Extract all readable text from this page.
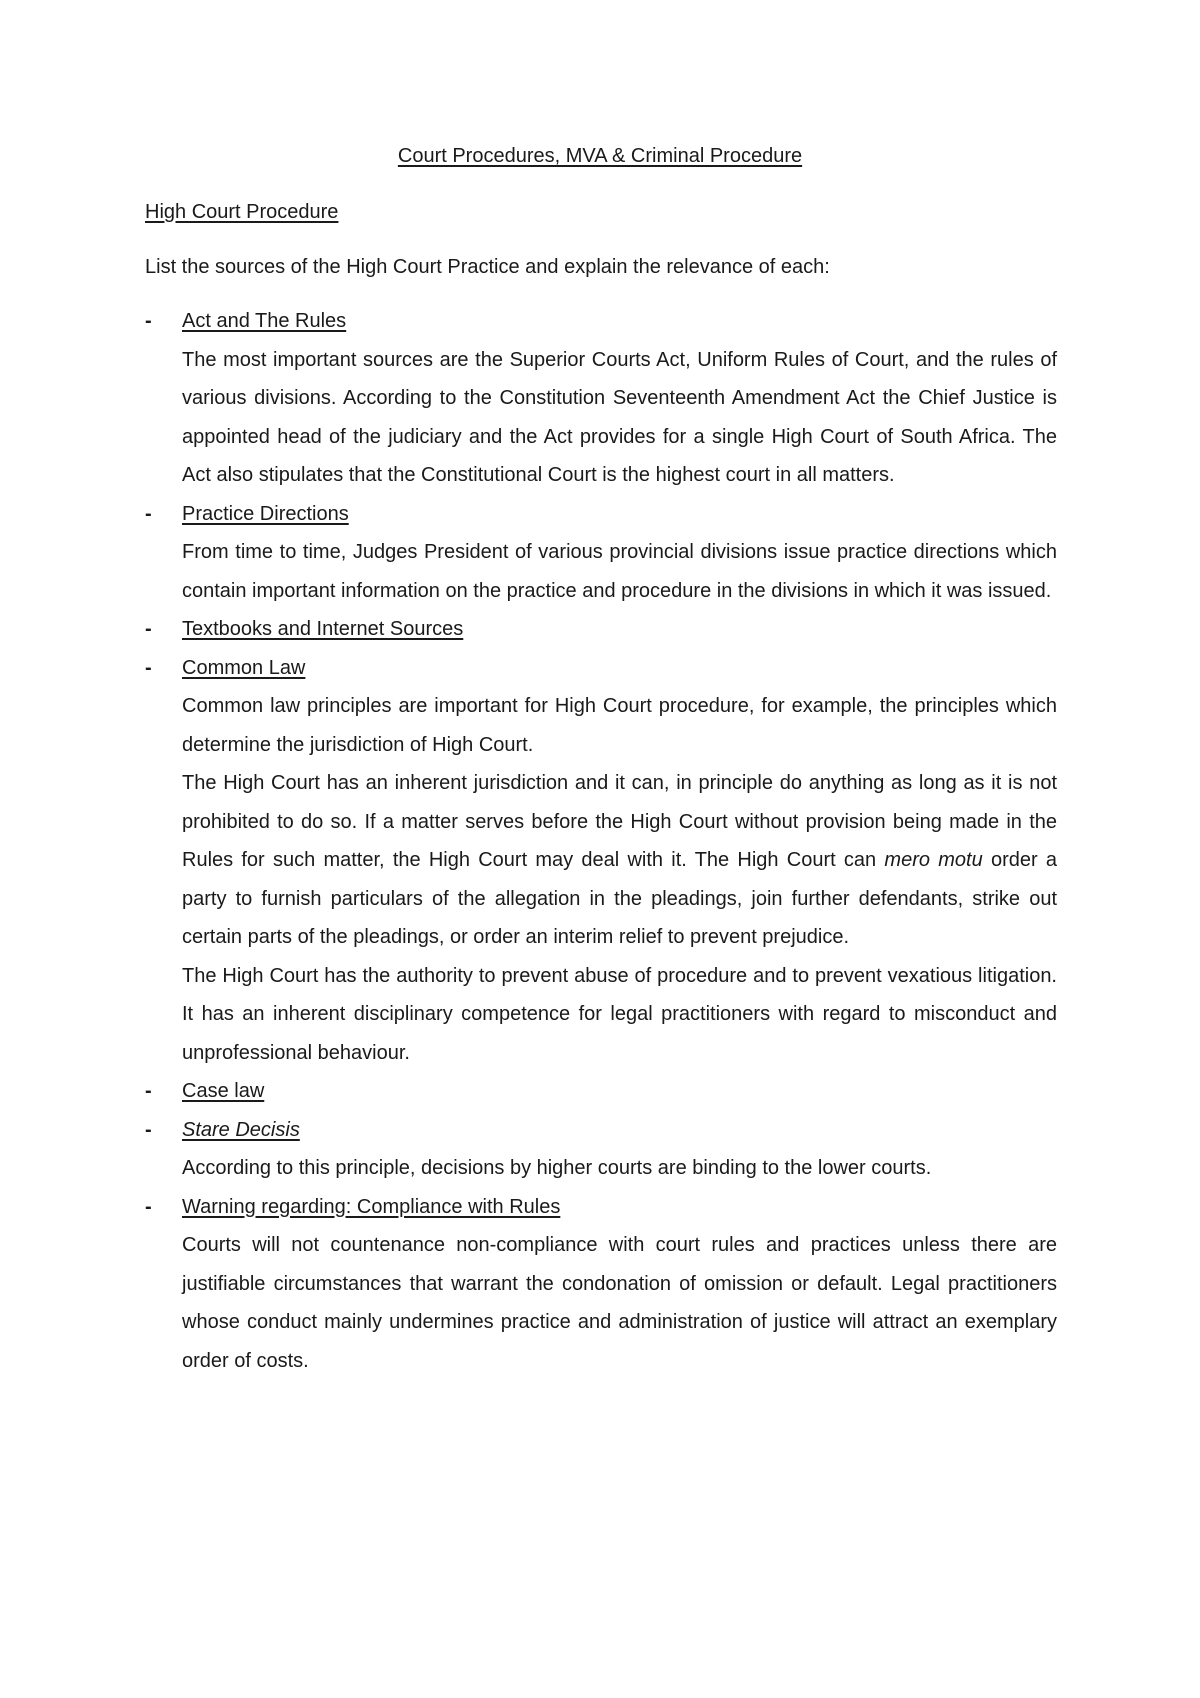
Court Procedures, MVA & Criminal Procedure
High Court Procedure
List the sources of the High Court Practice and explain the relevance of each:
- Act and The Rules
The most important sources are the Superior Courts Act, Uniform Rules of Court, and the rules of various divisions. According to the Constitution Seventeenth Amendment Act the Chief Justice is appointed head of the judiciary and the Act provides for a single High Court of South Africa. The Act also stipulates that the Constitutional Court is the highest court in all matters.
- Practice Directions
From time to time, Judges President of various provincial divisions issue practice directions which contain important information on the practice and procedure in the divisions in which it was issued.
- Textbooks and Internet Sources
- Common Law
Common law principles are important for High Court procedure, for example, the principles which determine the jurisdiction of High Court.
The High Court has an inherent jurisdiction and it can, in principle do anything as long as it is not prohibited to do so. If a matter serves before the High Court without provision being made in the Rules for such matter, the High Court may deal with it. The High Court can mero motu order a party to furnish particulars of the allegation in the pleadings, join further defendants, strike out certain parts of the pleadings, or order an interim relief to prevent prejudice.
The High Court has the authority to prevent abuse of procedure and to prevent vexatious litigation. It has an inherent disciplinary competence for legal practitioners with regard to misconduct and unprofessional behaviour.
- Case law
- Stare Decisis
According to this principle, decisions by higher courts are binding to the lower courts.
- Warning regarding: Compliance with Rules
Courts will not countenance non-compliance with court rules and practices unless there are justifiable circumstances that warrant the condonation of omission or default. Legal practitioners whose conduct mainly undermines practice and administration of justice will attract an exemplary order of costs.
